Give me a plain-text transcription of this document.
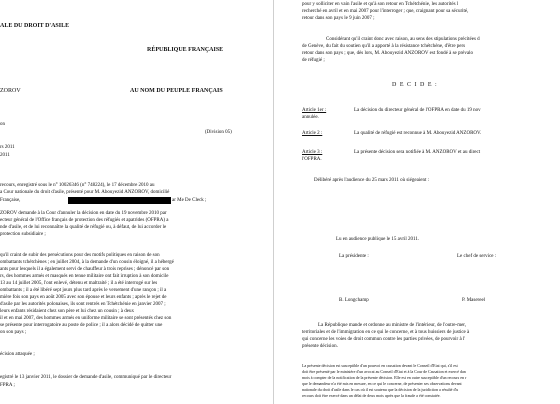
ALE DU DROIT D'ASILE
RÉPUBLIQUE FRANÇAISE
ZOROV	AU NOM DU PEUPLE FRANÇAIS
on
(Division 05)
rs 2011
2011
recours, enregistré sous le n° 10026346 (n° 748224), le 17 décembre 2010 au
a Cour nationale du droit d'asile, présenté pour M. Abouyezid ANZOROV, domicilié
Française,	ar Me De Cleck ;
ZOROV demande à la Cour d'annuler la décision en date du 19 novembre 2010 par
ecteur général de l'Office français de protection des réfugiés et apatrides (OFPRA) a
nde d'asile, et de lui reconnaître la qualité de réfugié ou, à défaut, de lui accorder le
protection subsidiaire ;
qu'il craint de subir des persécutions pour des motifs politiques en raison de son
ombattants tchétchènes ; en juillet 2004, à la demande d'un cousin éloigné, il a hébergé
ants pour lesquels il a également servi de chauffeur à trois reprises ; dénoncé par son
rs, des hommes armés et masqués en tenue militaire ont fait irruption à son domicile
13 au 14 juillet 2005, l'ont enlevé, détenu et maltraité ; il a été interrogé sur les
ombattants ; il a été libéré sept jours plus tard après le versement d'une rançon ; il a
mière fois son pays en août 2005 avec son épouse et leurs enfants ; après le rejet de
d'asile par les autorités polonaises, ils sont rentrés en Tchétchénie en janvier 2007 ;
leurs enfants résidaient chez son père et lui chez un cousin ; à deux
il et en mai 2007, des hommes armés en uniforme militaire se sont présentés chez son
se présente pour interrogatoire au poste de police ; il a alors décidé de quitter une
on son pays ;
écision attaquée ;
egistré le 13 janvier 2011, le dossier de demande d'asile, communiqué par le directeur
FPRA ;
pour y solliciter en vain l'asile et qu'à son retour en Tchétchénie, les autorités l
recherché en avril et en mai 2007 pour l'interroger ; que, craignant pour sa sécurité,
retour dans son pays le 9 juin 2007 ;
Considérant qu'il craint donc avec raison, au sens des stipulations précitées d
de Genève, du fait du soutien qu'il a apporté à la résistance tchétchène, d'être pers
retour dans son pays ; que, dès lors, M. Abouyezid ANZOROV est fondé à se prévalo
de réfugié ;
D E C I D E :
Article 1er :	La décision du directeur général de l'OFPRA en date du 19 nov
annulée.
Article 2 :	La qualité de réfugié est reconnue à M. Abouyezid ANZOROV.
Article 3 :	La présente décision sera notifiée à M. ANZOROV et au direct
l'OFPRA.
Délibéré après l'audience du 25 mars 2011 où siégeaient :
Lu en audience publique le 15 avril 2011.
La présidente :	Le chef de service :
B. Longchamp	P. Masereel
La République mande et ordonne au ministre de l'intérieur, de l'outre-mer,
territoriales et de l'immigration en ce qui le concerne, et à tous huissiers de justice à
qui concerne les voies de droit commun contre les parties privées, de pourvoir à l'
présente décision.
La présente décision est susceptible d'un pourvoi en cassation devant le Conseil d'Etat qui, s'il est
doit être présenté par le ministère d'un avocat au Conseil d'Etat et à la Cour de Cassation et exercé dan
mois à compter de la notification de la présente décision. Elle est en outre susceptible d'un recours en r
que le demandeur n'a été mis en mesure, en ce qui le concerne, de présenter ses observations devant
nationale du droit d'asile dans le cas où il est soutenu que la décision de la juridiction a résulté d'u
recours doit être exercé dans un délai de deux mois après que la fraude a été constatée.
